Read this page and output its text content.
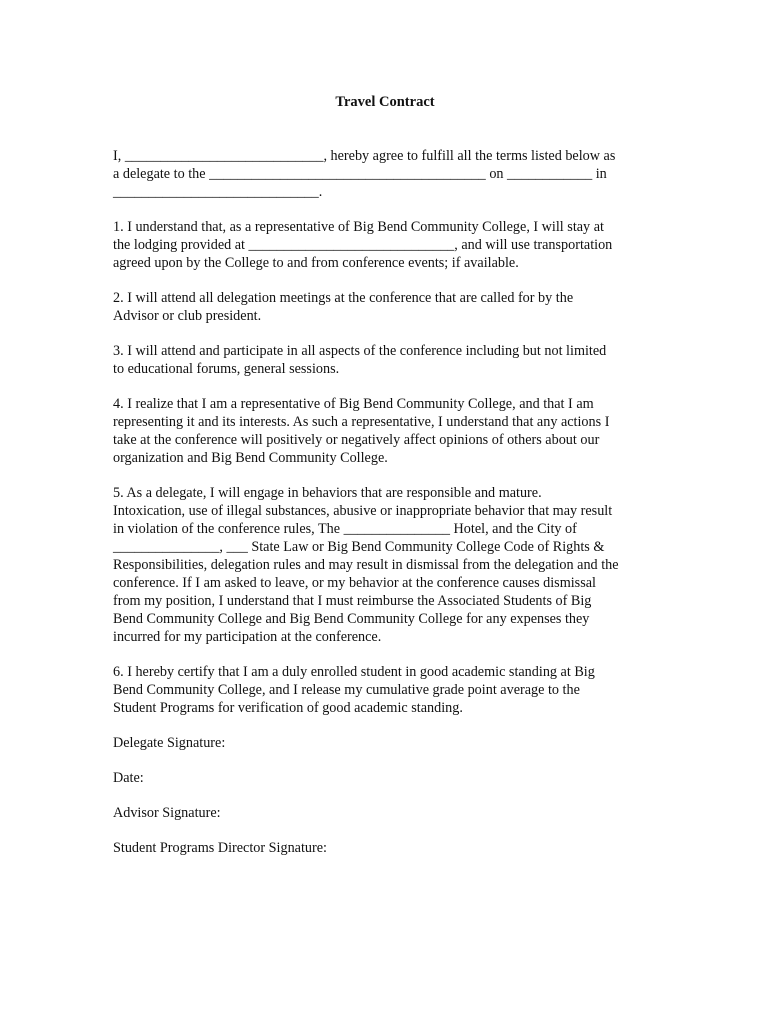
Travel Contract
I, ____________________________, hereby agree to fulfill all the terms listed below as
a delegate to the _______________________________________ on ____________ in
_____________________________.
1. I understand that, as a representative of Big Bend Community College, I will stay at
the lodging provided at _____________________________, and will use transportation
agreed upon by the College to and from conference events; if available.
2. I will attend all delegation meetings at the conference that are called for by the
Advisor or club president.
3. I will attend and participate in all aspects of the conference including but not limited
to educational forums, general sessions.
4. I realize that I am a representative of Big Bend Community College, and that I am
representing it and its interests. As such a representative, I understand that any actions I
take at the conference will positively or negatively affect opinions of others about our
organization and Big Bend Community College.
5. As a delegate, I will engage in behaviors that are responsible and mature.
Intoxication, use of illegal substances, abusive or inappropriate behavior that may result
in violation of the conference rules, The _______________ Hotel, and the City of
_______________, ___ State Law or Big Bend Community College Code of Rights &
Responsibilities, delegation rules and may result in dismissal from the delegation and the
conference. If I am asked to leave, or my behavior at the conference causes dismissal
from my position, I understand that I must reimburse the Associated Students of Big
Bend Community College and Big Bend Community College for any expenses they
incurred for my participation at the conference.
6. I hereby certify that I am a duly enrolled student in good academic standing at Big
Bend Community College, and I release my cumulative grade point average to the
Student Programs for verification of good academic standing.
Delegate Signature:
Date:
Advisor Signature:
Student Programs Director Signature:
